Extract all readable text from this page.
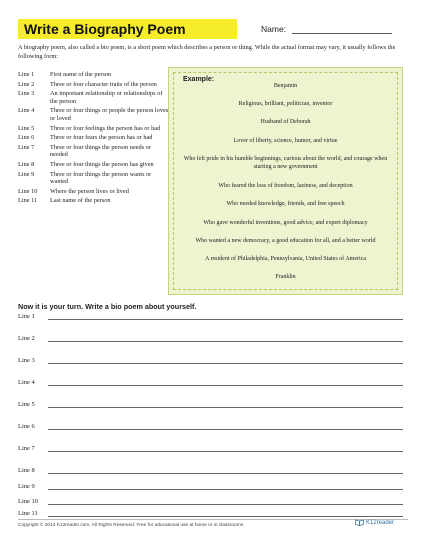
Write a Biography Poem	Name:

A biography poem, also called a bio poem, is a short poem which describes a person or thing. While the actual format may vary, it usually follows the following form:

Line 1	First name of the person
Line 2	Three or four character traits of the person
Line 3	An important relationship or relationships of the person
Line 4	Three or four things or people the person loves or loved
Line 5	Three or four feelings the person has or had
Line 6	Three or four fears the person has or had
Line 7	Three or four things the person needs or needed
Line 8	Three or four things the person has given
Line 9	Three or four things the person wants or wanted
Line 10	Where the person lives or lived
Line 11	Last name of the person
Example:
Benjamin
Religious, brilliant, politician, inventor
Husband of Deborah
Lover of liberty, science, humor, and virtue
Who felt pride in his humble beginnings, curious about the world, and courage when starting a new government
Who feared the loss of freedom, laziness, and deception
Who needed knowledge, friends, and free speech
Who gave wonderful inventions, good advice, and expert diplomacy
Who wanted a new democracy, a good education for all, and a better world
A resident of Philadelphia, Pennsylvania, United States of America
Franklin
Now it is your turn. Write a bio poem about yourself.
Line 1
Line 2
Line 3
Line 4
Line 5
Line 6
Line 7
Line 8
Line 9
Line 10
Line 11
Copyright © 2014 K12reader.com. All Rights Reserved. Free for educational use at home or in classrooms.	K12reader
